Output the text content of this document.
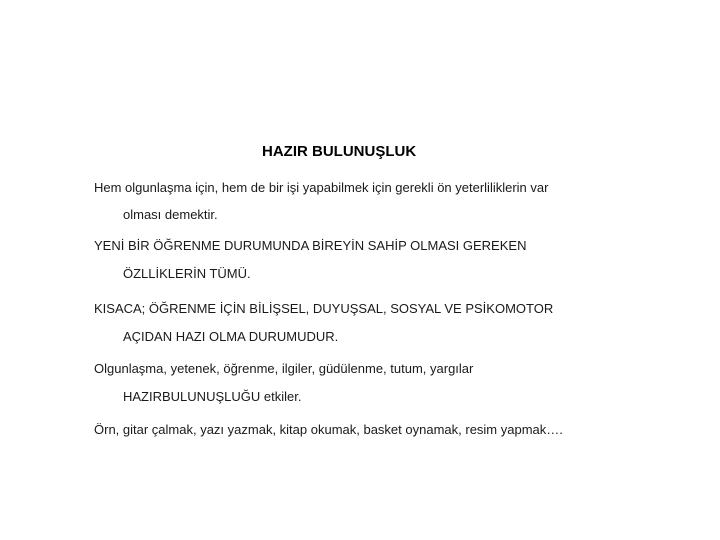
HAZIR BULUNUŞLUK
Hem olgunlaşma için, hem de bir işi yapabilmek için gerekli ön yeterliliklerin var
olması demektir.
YENİ BİR ÖĞRENME DURUMUNDA BİREYİN SAHİP OLMASI GEREKEN
ÖZLLİKLERİN TÜMÜ.
KISACA; ÖĞRENME İÇİN BİLİŞSEL, DUYUŞSAL, SOSYAL VE PSİKOMOTOR
AÇIDAN HAZI OLMA DURUMUDUR.
Olgunlaşma, yetenek, öğrenme, ilgiler, güdülenme, tutum, yargılar
HAZIRBULUNUŞLUĞU etkiler.
Örn, gitar çalmak, yazı yazmak, kitap okumak, basket oynamak, resim yapmak….
